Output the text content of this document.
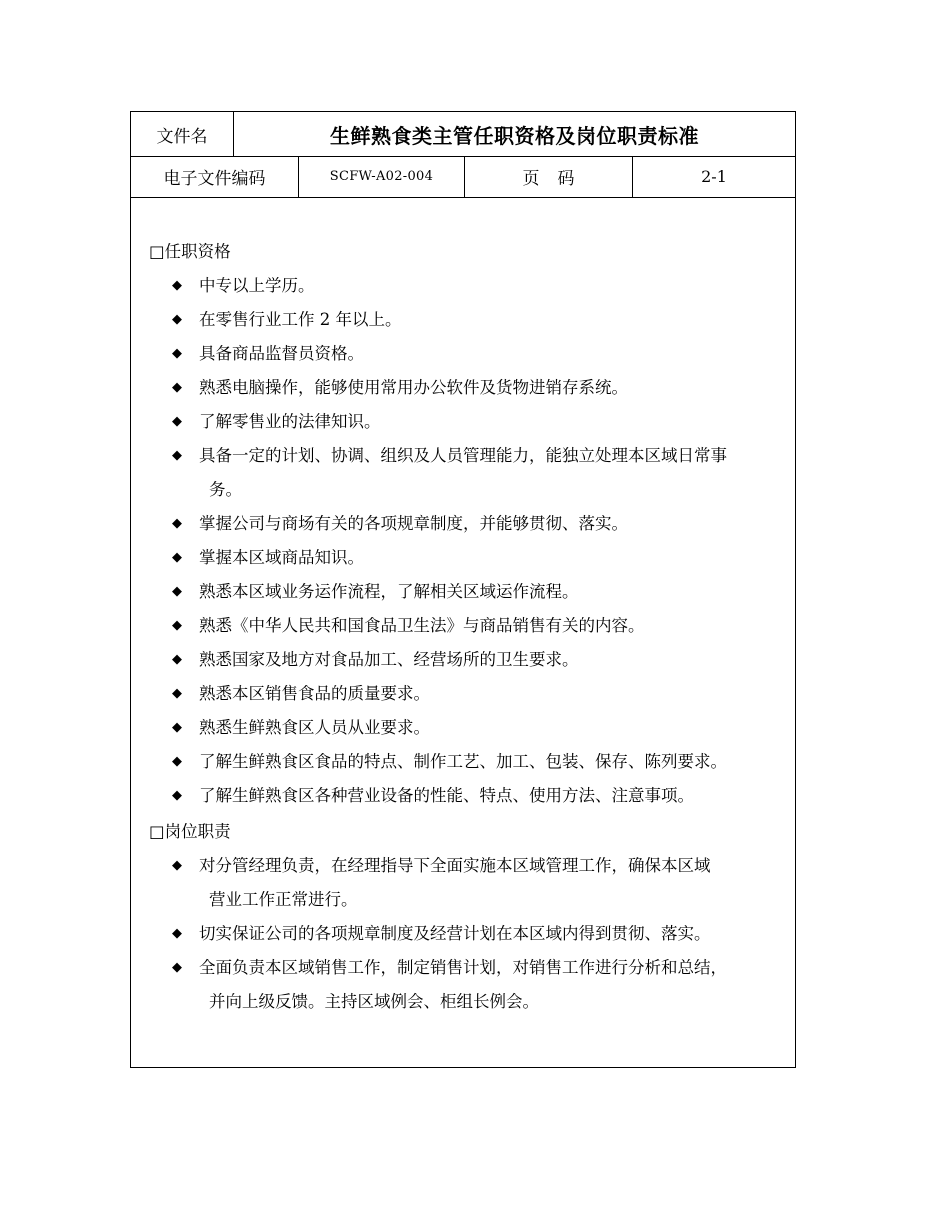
文件名	生鲜熟食类主管任职资格及岗位职责标准
电子文件编码	SCFW-A02-004	页码	2-1
□任职资格
◆ 中专以上学历。
◆ 在零售行业工作 2 年以上。
◆ 具备商品监督员资格。
◆ 熟悉电脑操作，能够使用常用办公软件及货物进销存系统。
◆ 了解零售业的法律知识。
◆ 具备一定的计划、协调、组织及人员管理能力，能独立处理本区域日常事
务。
◆ 掌握公司与商场有关的各项规章制度，并能够贯彻、落实。
◆ 掌握本区域商品知识。
◆ 熟悉本区域业务运作流程，了解相关区域运作流程。
◆ 熟悉《中华人民共和国食品卫生法》与商品销售有关的内容。
◆ 熟悉国家及地方对食品加工、经营场所的卫生要求。
◆ 熟悉本区销售食品的质量要求。
◆ 熟悉生鲜熟食区人员从业要求。
◆ 了解生鲜熟食区食品的特点、制作工艺、加工、包装、保存、陈列要求。
◆ 了解生鲜熟食区各种营业设备的性能、特点、使用方法、注意事项。
□岗位职责
◆ 对分管经理负责，在经理指导下全面实施本区域管理工作，确保本区域
营业工作正常进行。
◆ 切实保证公司的各项规章制度及经营计划在本区域内得到贯彻、落实。
◆ 全面负责本区域销售工作，制定销售计划，对销售工作进行分析和总结，
并向上级反馈。主持区域例会、柜组长例会。
